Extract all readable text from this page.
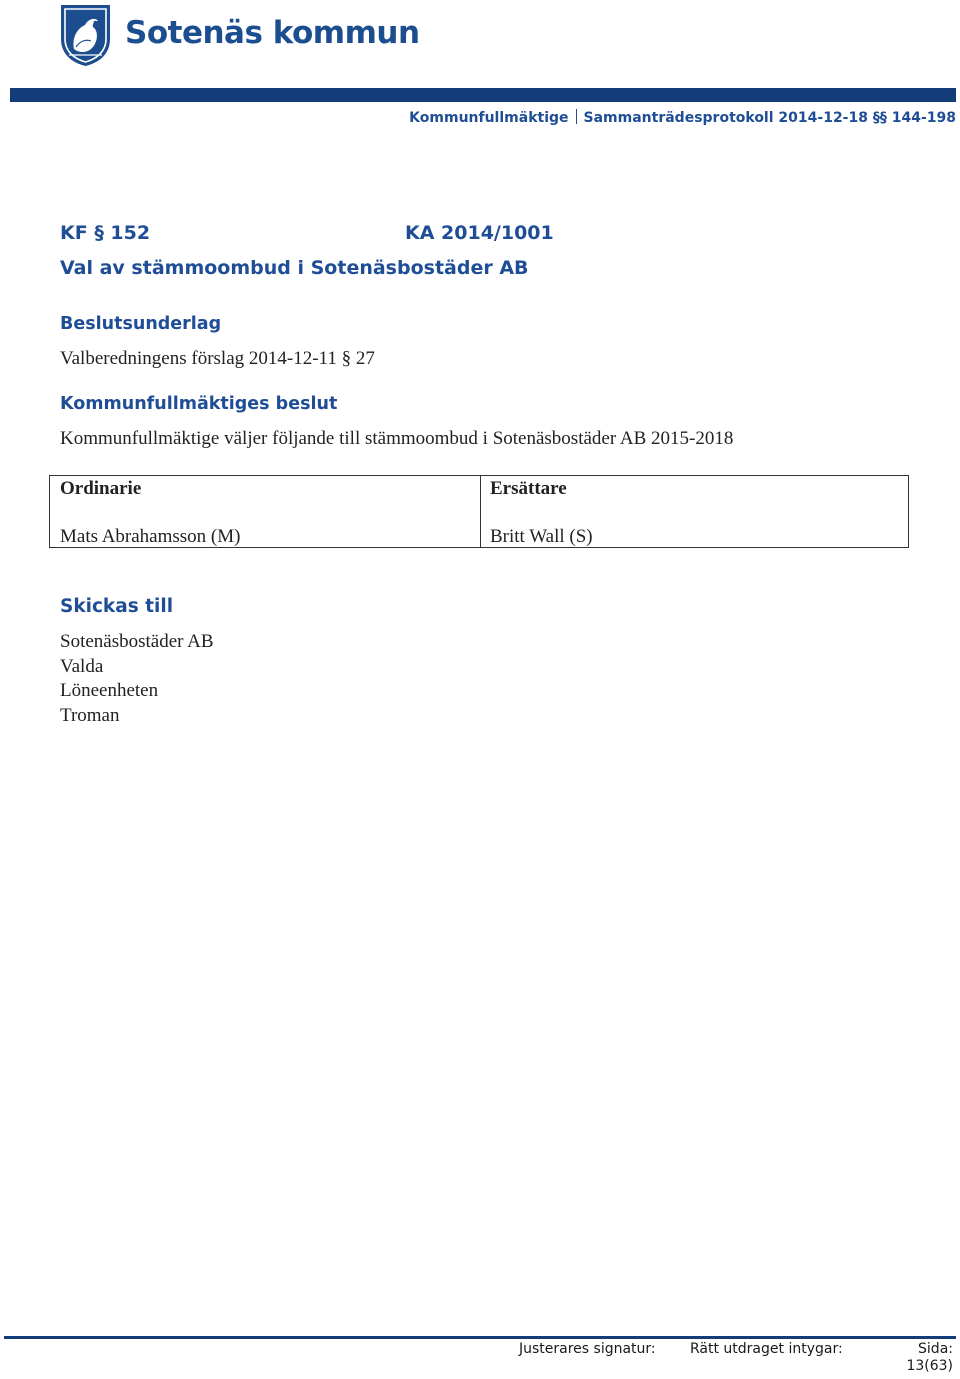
Sotenäs kommun
Kommunfullmäktige Sammanträdesprotokoll 2014-12-18 §§ 144-198
KF § 152	KA 2014/1001
Val av stämmoombud i Sotenäsbostäder AB
Beslutsunderlag
Valberedningens förslag 2014-12-11 § 27
Kommunfullmäktiges beslut
Kommunfullmäktige väljer följande till stämmoombud i Sotenäsbostäder AB 2015-2018
Ordinarie
Mats Abrahamsson (M)
Ersättare
Britt Wall (S)
Skickas till
Sotenäsbostäder AB
Valda
Löneenheten
Troman
Justerares signatur: Rätt utdraget intygar:	Sida:
13(63)
